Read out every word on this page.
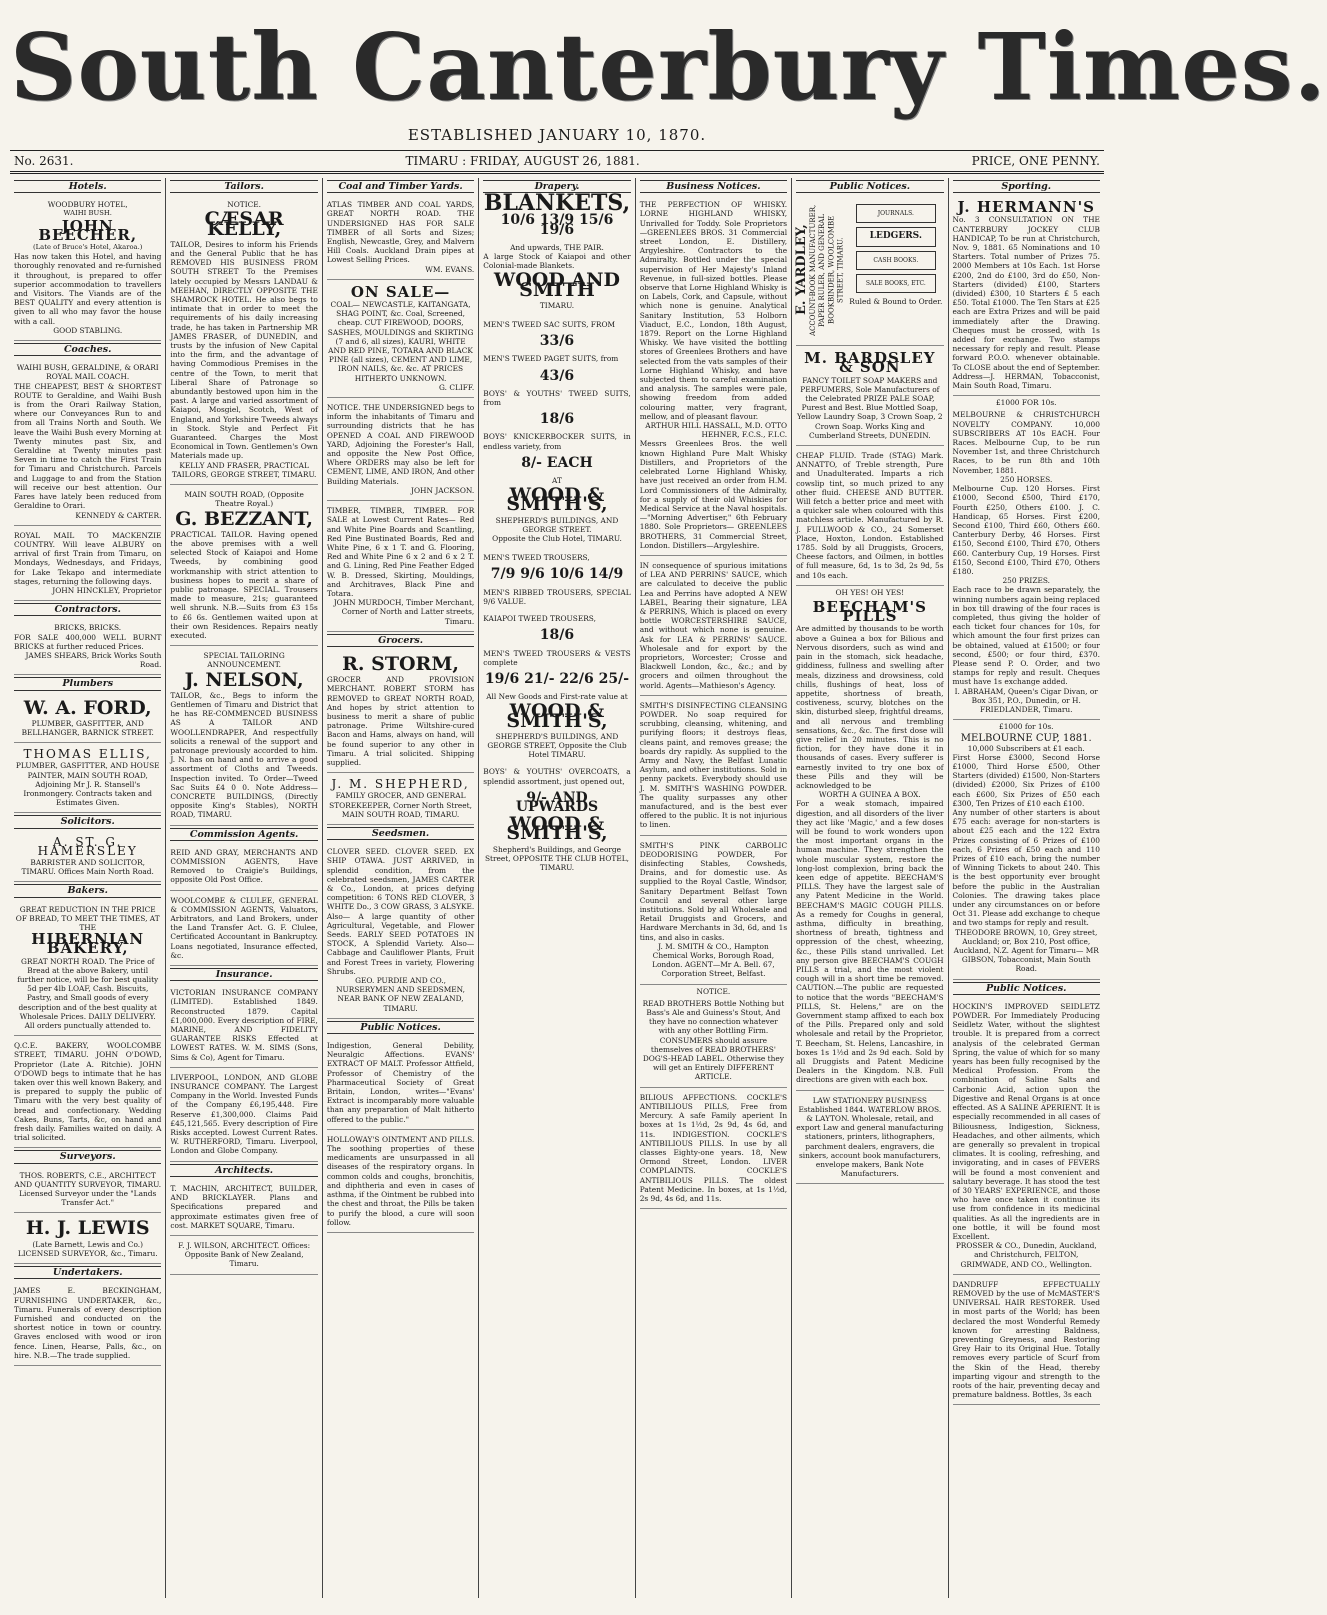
South Canterbury Times.
ESTABLISHED JANUARY 10, 1870.
No. 2631.	TIMARU : FRIDAY, AUGUST 26, 1881.	PRICE, ONE PENNY.
Hotels.
WOODBURY HOTEL,
WAIHI BUSH.
JOHN BEECHER,
(Late of Bruce's Hotel, Akaroa.)
Has now taken this Hotel, and having thoroughly renovated and re-furnished it throughout, is prepared to offer superior accommodation to travellers and Visitors. The Viands are of the BEST QUALITY and every attention is given to all who may favor the house with a call.
GOOD STABLING.
Coaches.
WAIHI BUSH, GERALDINE, & ORARI ROYAL MAIL COACH.
THE CHEAPEST, BEST & SHORTEST ROUTE to Geraldine, and Waihi Bush is from the Orari Railway Station, where our Conveyances Run to and from all Trains North and South. We leave the Waihi Bush every Morning at Twenty minutes past Six, and Geraldine at Twenty minutes past Seven in time to catch the First Train for Timaru and Christchurch. Parcels and Luggage to and from the Station will receive our best attention. Our Fares have lately been reduced from Geraldine to Orari.
KENNEDY & CARTER.
ROYAL MAIL TO MACKENZIE COUNTRY. Will leave ALBURY on arrival of first Train from Timaru, on Mondays, Wednesdays, and Fridays, for Lake Tekapo and intermediate stages, returning the following days.
JOHN HINCKLEY, Proprietor
Contractors.
BRICKS, BRICKS.
FOR SALE 400,000 WELL BURNT BRICKS at further reduced Prices.
JAMES SHEARS, Brick Works South Road.
Plumbers
W. A. FORD,
PLUMBER, GASFITTER, AND BELLHANGER, BARNICK STREET.
THOMAS ELLIS,
PLUMBER, GASFITTER, AND HOUSE PAINTER, MAIN SOUTH ROAD, Adjoining Mr J. R. Stansell's Ironmongery. Contracts taken and Estimates Given.
Solicitors.
A. ST. G. HAMERSLEY
BARRISTER AND SOLICITOR, TIMARU. Offices Main North Road.
Bakers.
GREAT REDUCTION IN THE PRICE OF BREAD, TO MEET THE TIMES, AT THE
HIBERNIAN BAKERY,
GREAT NORTH ROAD. The Price of Bread at the above Bakery, until further notice, will be for best quality 5d per 4lb LOAF, Cash. Biscuits, Pastry, and Small goods of every description and of the best quality at Wholesale Prices. DAILY DELIVERY. All orders punctually attended to.
Q.C.E. BAKERY, WOOLCOMBE STREET, TIMARU. JOHN O'DOWD, Proprietor (Late A. Ritchie). JOHN O'DOWD begs to intimate that he has taken over this well known Bakery, and is prepared to supply the public of Timaru with the very best quality of bread and confectionary. Wedding Cakes, Buns, Tarts, &c, on hand and fresh daily. Families waited on daily. A trial solicited.
Surveyors.
THOS. ROBERTS, C.E., ARCHITECT AND QUANTITY SURVEYOR, TIMARU. Licensed Surveyor under the "Lands Transfer Act."
H. J. LEWIS
(Late Barnett, Lewis and Co.) LICENSED SURVEYOR, &c., Timaru.
Undertakers.
JAMES E. BECKINGHAM, FURNISHING UNDERTAKER, &c., Timaru. Funerals of every description Furnished and conducted on the shortest notice in town or country. Graves enclosed with wood or iron fence. Linen, Hearse, Palls, &c., on hire. N.B.—The trade supplied.
Tailors.
NOTICE.
CÆSAR KELLY,
TAILOR, Desires to inform his Friends and the General Public that he has REMOVED HIS BUSINESS FROM SOUTH STREET To the Premises lately occupied by Messrs LANDAU & MEEHAN, DIRECTLY OPPOSITE THE SHAMROCK HOTEL. He also begs to intimate that in order to meet the requirements of his daily increasing trade, he has taken in Partnership MR JAMES FRASER, of DUNEDIN, and trusts by the infusion of New Capital into the firm, and the advantage of having Commodious Premises in the centre of the Town, to merit that Liberal Share of Patronage so abundantly bestowed upon him in the past. A large and varied assortment of Kaiapoi, Mosgiel, Scotch, West of England, and Yorkshire Tweeds always in Stock. Style and Perfect Fit Guaranteed. Charges the Most Economical in Town. Gentlemen's Own Materials made up.
KELLY AND FRASER, PRACTICAL TAILORS, GEORGE STREET, TIMARU.
MAIN SOUTH ROAD, (Opposite Theatre Royal.)
G. BEZZANT,
PRACTICAL TAILOR. Having opened the above premises with a well selected Stock of Kaiapoi and Home Tweeds, by combining good workmanship with strict attention to business hopes to merit a share of public patronage. SPECIAL. Trousers made to measure, 21s; guaranteed well shrunk. N.B.—Suits from £3 15s to £6 6s. Gentlemen waited upon at their own Residences. Repairs neatly executed.
SPECIAL TAILORING ANNOUNCEMENT.
J. NELSON,
TAILOR, &c., Begs to inform the Gentlemen of Timaru and District that he has RE-COMMENCED BUSINESS AS A TAILOR AND WOOLLENDRAPER, And respectfully solicits a renewal of the support and patronage previously accorded to him. J. N. has on hand and to arrive a good assortment of Cloths and Tweeds. Inspection invited. To Order—Tweed Sac Suits £4 0 0. Note Address— CONCRETE BUILDINGS, (Directly opposite King's Stables), NORTH ROAD, TIMARU.
Commission Agents.
REID AND GRAY, MERCHANTS AND COMMISSION AGENTS, Have Removed to Craigie's Buildings, opposite Old Post Office.
WOOLCOMBE & CLULEE, GENERAL & COMMISSION AGENTS, Valuators, Arbitrators, and Land Brokers, under the Land Transfer Act. G. F. Clulee, Certificated Accountant in Bankruptcy. Loans negotiated, Insurance effected, &c.
Insurance.
VICTORIAN INSURANCE COMPANY (LIMITED). Established 1849. Reconstructed 1879. Capital £1,000,000. Every description of FIRE, MARINE, AND FIDELITY GUARANTEE RISKS Effected at LOWEST RATES. W. M. SIMS (Sons, Sims & Co), Agent for Timaru.
LIVERPOOL, LONDON, AND GLOBE INSURANCE COMPANY. The Largest Company in the World. Invested Funds of the Company £6,195,448. Fire Reserve £1,300,000. Claims Paid £45,121,565. Every description of Fire Risks accepted. Lowest Current Rates. W. RUTHERFORD, Timaru. Liverpool, London and Globe Company.
Architects.
T. MACHIN, ARCHITECT, BUILDER, AND BRICKLAYER. Plans and Specifications prepared and approximate estimates given free of cost. MARKET SQUARE, Timaru.
F. J. WILSON, ARCHITECT. Offices: Opposite Bank of New Zealand, Timaru.
Coal and Timber Yards.
ATLAS TIMBER AND COAL YARDS, GREAT NORTH ROAD. THE UNDERSIGNED HAS FOR SALE TIMBER of all Sorts and Sizes; English, Newcastle, Grey, and Malvern Hill Coals. Auckland Drain pipes at Lowest Selling Prices.
WM. EVANS.
ON SALE—
COAL— NEWCASTLE, KAITANGATA, SHAG POINT, &c. Coal, Screened, cheap. CUT FIREWOOD, DOORS, SASHES, MOULDINGS and SKIRTING (7 and 6, all sizes), KAURI, WHITE AND RED PINE, TOTARA AND BLACK PINE (all sizes), CEMENT AND LIME, IRON NAILS, &c. &c. AT PRICES HITHERTO UNKNOWN.
G. CLIFF.
NOTICE. THE UNDERSIGNED begs to inform the inhabitants of Timaru and surrounding districts that he has OPENED A COAL AND FIREWOOD YARD, Adjoining the Forester's Hall, and opposite the New Post Office, Where ORDERS may also be left for CEMENT, LIME, AND IRON, And other Building Materials.
JOHN JACKSON.
TIMBER, TIMBER, TIMBER. FOR SALE at Lowest Current Rates— Red and White Pine Boards and Scantling, Red Pine Bustinated Boards, Red and White Pine, 6 x 1 T. and G. Flooring, Red and White Pine 6 x 2 and 6 x 2 T. and G. Lining, Red Pine Feather Edged W. B. Dressed, Skirting, Mouldings, and Architraves, Black Pine and Totara.
JOHN MURDOCH, Timber Merchant, Corner of North and Latter streets, Timaru.
Grocers.
R. STORM,
GROCER AND PROVISION MERCHANT. ROBERT STORM has REMOVED to GREAT NORTH ROAD, And hopes by strict attention to business to merit a share of public patronage. Prime Wiltshire-cured Bacon and Hams, always on hand, will be found superior to any other in Timaru. A trial solicited. Shipping supplied.
J. M. SHEPHERD,
FAMILY GROCER, AND GENERAL STOREKEEPER, Corner North Street, MAIN SOUTH ROAD, TIMARU.
Seedsmen.
CLOVER SEED. CLOVER SEED. EX SHIP OTAWA. JUST ARRIVED, in splendid condition, from the celebrated seedsmen, JAMES CARTER & Co., London, at prices defying competition: 6 TONS RED CLOVER, 3 WHITE Do., 3 COW GRASS, 3 ALSYKE. Also— A large quantity of other Agricultural, Vegetable, and Flower Seeds. EARLY SEED POTATOES IN STOCK, A Splendid Variety. Also— Cabbage and Cauliflower Plants, Fruit and Forest Trees in variety, Flowering Shrubs.
GEO. PURDIE AND CO., NURSERYMEN AND SEEDSMEN, NEAR BANK OF NEW ZEALAND, TIMARU.
Public Notices.
Indigestion, General Debility, Neuralgic Affections. EVANS' EXTRACT OF MALT. Professor Attfield, Professor of Chemistry of the Pharmaceutical Society of Great Britain, London, writes—"Evans' Extract is incomparably more valuable than any preparation of Malt hitherto offered to the public."
HOLLOWAY'S OINTMENT AND PILLS. The soothing properties of these medicaments are unsurpassed in all diseases of the respiratory organs. In common colds and coughs, bronchitis, and diphtheria and even in cases of asthma, if the Ointment be rubbed into the chest and throat, the Pills be taken to purify the blood, a cure will soon follow.
Drapery.
BLANKETS,
10/6 13/9 15/6 19/6
And upwards, THE PAIR.
A large Stock of Kaiapoi and other Colonial-made Blankets.
WOOD AND SMITH
TIMARU.
MEN'S TWEED SAC SUITS, FROM
33/6
MEN'S TWEED PAGET SUITS, from
43/6
BOYS' & YOUTHS' TWEED SUITS, from
18/6
BOYS' KNICKERBOCKER SUITS, in endless variety, from
8/- EACH
AT
WOOD & SMITH'S,
SHEPHERD'S BUILDINGS, AND GEORGE STREET.
Opposite the Club Hotel, TIMARU.
MEN'S TWEED TROUSERS,
7/9 9/6 10/6 14/9
MEN'S RIBBED TROUSERS, SPECIAL 9/6 VALUE.
KAIAPOI TWEED TROUSERS,
18/6
MEN'S TWEED TROUSERS & VESTS complete
19/6 21/- 22/6 25/-
All New Goods and First-rate value at
WOOD & SMITH'S,
SHEPHERD'S BUILDINGS, AND GEORGE STREET, Opposite the Club Hotel TIMARU.
BOYS' & YOUTHS' OVERCOATS, a splendid assortment, just opened out,
9/- AND UPWARDS
WOOD & SMITH'S,
Shepherd's Buildings, and George Street, OPPOSITE THE CLUB HOTEL, TIMARU.
Business Notices.
THE PERFECTION OF WHISKY. LORNE HIGHLAND WHISKY, Unrivalled for Toddy. Sole Proprietors—GREENLEES BROS. 31 Commercial street London, E. Distillery, Argyleshire. Contractors to the Admiralty. Bottled under the special supervision of Her Majesty's Inland Revenue, in full-sized bottles. Please observe that Lorne Highland Whisky is on Labels, Cork, and Capsule, without which none is genuine. Analytical Sanitary Institution, 53 Holborn Viaduct, E.C., London, 18th August, 1879. Report on the Lorne Highland Whisky. We have visited the bottling stores of Greenlees Brothers and have selected from the vats samples of their Lorne Highland Whisky, and have subjected them to careful examination and analysis. The samples were pale, showing freedom from added colouring matter, very fragrant, mellow, and of pleasant flavour.
ARTHUR HILL HASSALL, M.D. OTTO HEHNER, F.C.S., F.I.C.
Messrs Greenlees Bros. the well known Highland Pure Malt Whisky Distillers, and Proprietors of the celebrated Lorne Highland Whisky, have just received an order from H.M. Lord Commissioners of the Admiralty, for a supply of their old Whiskies for Medical Service at the Naval hospitals. —"Morning Advertiser," 6th February 1880. Sole Proprietors— GREENLEES BROTHERS, 31 Commercial Street, London. Distillers—Argyleshire.
IN consequence of spurious imitations of LEA AND PERRINS' SAUCE, which are calculated to deceive the public Lea and Perrins have adopted A NEW LABEL, Bearing their signature, LEA & PERRINS, Which is placed on every bottle WORCESTERSHIRE SAUCE, and without which none is genuine. Ask for LEA & PERRINS' SAUCE. Wholesale and for export by the proprietors, Worcester; Crosse and Blackwell London, &c., &c.; and by grocers and oilmen throughout the world. Agents—Mathieson's Agency.
SMITH'S DISINFECTING CLEANSING POWDER. No soap required for scrubbing, cleansing, whitening, and purifying floors; it destroys fleas, cleans paint, and removes grease; the boards dry rapidly. As supplied to the Army and Navy, the Belfast Lunatic Asylum, and other institutions. Sold in penny packets. Everybody should use J. M. SMITH'S WASHING POWDER. The quality surpasses any other manufactured, and is the best ever offered to the public. It is not injurious to linen.
SMITH'S PINK CARBOLIC DEODORISING POWDER, For disinfecting Stables, Cowsheds, Drains, and for domestic use. As supplied to the Royal Castle, Windsor, Sanitary Department Belfast Town Council and several other large institutions. Sold by all Wholesale and Retail Druggists and Grocers, and Hardware Merchants in 3d, 6d, and 1s tins, and also in casks.
J. M. SMITH & CO., Hampton Chemical Works, Borough Road, London. AGENT—Mr A. Bell. 67, Corporation Street, Belfast.
NOTICE.
READ BROTHERS Bottle Nothing but Bass's Ale and Guiness's Stout, And they have no connection whatever with any other Bottling Firm. CONSUMERS should assure themselves of READ BROTHERS' DOG'S-HEAD LABEL. Otherwise they will get an Entirely DIFFERENT ARTICLE.
BILIOUS AFFECTIONS. COCKLE'S ANTIBILIOUS PILLS, Free from Mercury. A safe Family aperient In boxes at 1s 1½d, 2s 9d, 4s 6d, and 11s. INDIGESTION. COCKLE'S ANTIBILIOUS PILLS. In use by all classes Eighty-one years. 18, New Ormond Street, London. LIVER COMPLAINTS. COCKLE'S ANTIBILIOUS PILLS. The oldest Patent Medicine. In boxes, at 1s 1½d, 2s 9d, 4s 6d, and 11s.
Public Notices.
E. YARDLEY, ACCOUNT-BOOK MANUFACTURER, PAPER RULER, AND GENERAL BOOKBINDER, WOOLCOMBE STREET, TIMARU.
JOURNALS.
LEDGERS.
CASH BOOKS.
SALE BOOKS, ETC.
Ruled & Bound to Order.
M. BARDSLEY & SON
FANCY TOILET SOAP MAKERS and PERFUMERS, Sole Manufacturers of the Celebrated PRIZE PALE SOAP, Purest and Best. Blue Mottled Soap, Yellow Laundry Soap, 3 Crown Soap, 2 Crown Soap. Works King and Cumberland Streets, DUNEDIN.
CHEAP FLUID. Trade (STAG) Mark. ANNATTO, of Treble strength, Pure and Unadulterated. Imparts a rich cowslip tint, so much prized to any other fluid. CHEESE AND BUTTER. Will fetch a better price and meet with a quicker sale when coloured with this matchless article. Manufactured by R. J. FULLWOOD & CO., 24 Somerset Place, Hoxton, London. Established 1785. Sold by all Druggists, Grocers, Cheese factors, and Oilmen, in bottles of full measure, 6d, 1s to 3d, 2s 9d, 5s and 10s each.
OH YES! OH YES!
BEECHAM'S PILLS
Are admitted by thousands to be worth above a Guinea a box for Bilious and Nervous disorders, such as wind and pain in the stomach, sick headache, giddiness, fullness and swelling after meals, dizziness and drowsiness, cold chills, flushings of heat, loss of appetite, shortness of breath, costiveness, scurvy, blotches on the skin, disturbed sleep, frightful dreams, and all nervous and trembling sensations, &c., &c. The first dose will give relief in 20 minutes. This is no fiction, for they have done it in thousands of cases. Every sufferer is earnestly invited to try one box of these Pills and they will be acknowledged to be
WORTH A GUINEA A BOX.
For a weak stomach, impaired digestion, and all disorders of the liver they act like 'Magic,' and a few doses will be found to work wonders upon the most important organs in the human machine. They strengthen the whole muscular system, restore the long-lost complexion, bring back the keen edge of appetite. BEECHAM'S PILLS. They have the largest sale of any Patent Medicine in the World. BEECHAM'S MAGIC COUGH PILLS. As a remedy for Coughs in general, asthma, difficulty in breathing, shortness of breath, tightness and oppression of the chest, wheezing, &c., these Pills stand unrivalled. Let any person give BEECHAM'S COUGH PILLS a trial, and the most violent cough will in a short time be removed. CAUTION.—The public are requested to notice that the words "BEECHAM'S PILLS, St. Helens," are on the Government stamp affixed to each box of the Pills. Prepared only and sold wholesale and retail by the Proprietor, T. Beecham, St. Helens, Lancashire, in boxes 1s 1½d and 2s 9d each. Sold by all Druggists and Patent Medicine Dealers in the Kingdom. N.B. Full directions are given with each box.
LAW STATIONERY BUSINESS Established 1844. WATERLOW BROS. & LAYTON. Wholesale, retail, and export Law and general manufacturing stationers, printers, lithographers, parchment dealers, engravers, die sinkers, account book manufacturers, envelope makers, Bank Note Manufacturers.
Sporting.
J. HERMANN'S
No. 3 CONSULTATION ON THE CANTERBURY JOCKEY CLUB HANDICAP, To be run at Christchurch, Nov. 9, 1881. 65 Nominations and 10 Starters. Total number of Prizes 75. 2000 Members at 10s Each. 1st Horse £200, 2nd do £100, 3rd do £50, Non-Starters (divided) £100, Starters (divided) £300, 10 Starters £ 5 each £50. Total £1000. The Ten Stars at £25 each are Extra Prizes and will be paid immediately after the Drawing. Cheques must be crossed, with 1s added for exchange. Two stamps necessary for reply and result. Please forward P.O.O. whenever obtainable. To CLOSE about the end of September. Address—J. HERMAN, Tobacconist, Main South Road, Timaru.
£1000 FOR 10s.
MELBOURNE & CHRISTCHURCH NOVELTY COMPANY. 10,000 SUBSCRIBERS AT 10s EACH. Four Races. Melbourne Cup, to be run November 1st, and three Christchurch Races, to be run 8th and 10th November, 1881.
250 HORSES.
Melbourne Cup. 120 Horses. First £1000, Second £500, Third £170, Fourth £250, Others £100. J. C. Handicap, 65 Horses. First £200, Second £100, Third £60, Others £60. Canterbury Derby, 46 Horses. First £150, Second £100, Third £70, Others £60. Canterbury Cup, 19 Horses. First £150, Second £100, Third £70, Others £180.
250 PRIZES.
Each race to be drawn separately, the winning numbers again being replaced in box till drawing of the four races is completed, thus giving the holder of each ticket four chances for 10s, for which amount the four first prizes can be obtained, valued at £1500; or four second, £500; or four third, £370. Please send P. O. Order, and two stamps for reply and result. Cheques must have 1s exchange added.
I. ABRAHAM, Queen's Cigar Divan, or Box 351, P.O., Dunedin, or H. FRIEDLANDER, Timaru.
£1000 for 10s.
MELBOURNE CUP, 1881.
10,000 Subscribers at £1 each.
First Horse £3000, Second Horse £1000, Third Horse £500, Other Starters (divided) £1500, Non-Starters (divided) £2000, Six Prizes of £100 each £600, Six Prizes of £50 each £300, Ten Prizes of £10 each £100.
Any number of other starters is about £75 each: average for non-starters is about £25 each and the 122 Extra Prizes consisting of 6 Prizes of £100 each, 6 Prizes of £50 each and 110 Prizes of £10 each, bring the number of Winning Tickets to about 240. This is the best opportunity ever brought before the public in the Australian Colonies. The drawing takes place under any circumstances on or before Oct 31. Please add exchange to cheque and two stamps for reply and result.
THEODORE BROWN, 10, Grey street, Auckland; or, Box 210, Post office, Auckland, N.Z. Agent for Timaru— MR GIBSON, Tobacconist, Main South Road.
Public Notices.
HOCKIN'S IMPROVED SEIDLETZ POWDER. For Immediately Producing Seidletz Water, without the slightest trouble. It is prepared from a correct analysis of the celebrated German Spring, the value of which for so many years has been fully recognised by the Medical Profession. From the combination of Saline Salts and Carbonic Acid, action upon the Digestive and Renal Organs is at once effected. AS A SALINE APERIENT. It is especially recommended in all cases of Biliousness, Indigestion, Sickness, Headaches, and other ailments, which are generally so prevalent in tropical climates. It is cooling, refreshing, and invigorating, and in cases of FEVERS will be found a most convenient and salutary beverage. It has stood the test of 30 YEARS' EXPERIENCE, and those who have once taken it continue its use from confidence in its medicinal qualities. As all the ingredients are in one bottle, it will be found most Excellent.
PROSSER & CO., Dunedin, Auckland, and Christchurch, FELTON, GRIMWADE, AND CO., Wellington.
DANDRUFF EFFECTUALLY REMOVED by the use of McMASTER'S UNIVERSAL HAIR RESTORER. Used in most parts of the World; has been declared the most Wonderful Remedy known for arresting Baldness, preventing Greyness, and Restoring Grey Hair to its Original Hue. Totally removes every particle of Scurf from the Skin of the Head, thereby imparting vigour and strength to the roots of the hair, preventing decay and premature baldness. Bottles, 3s each
